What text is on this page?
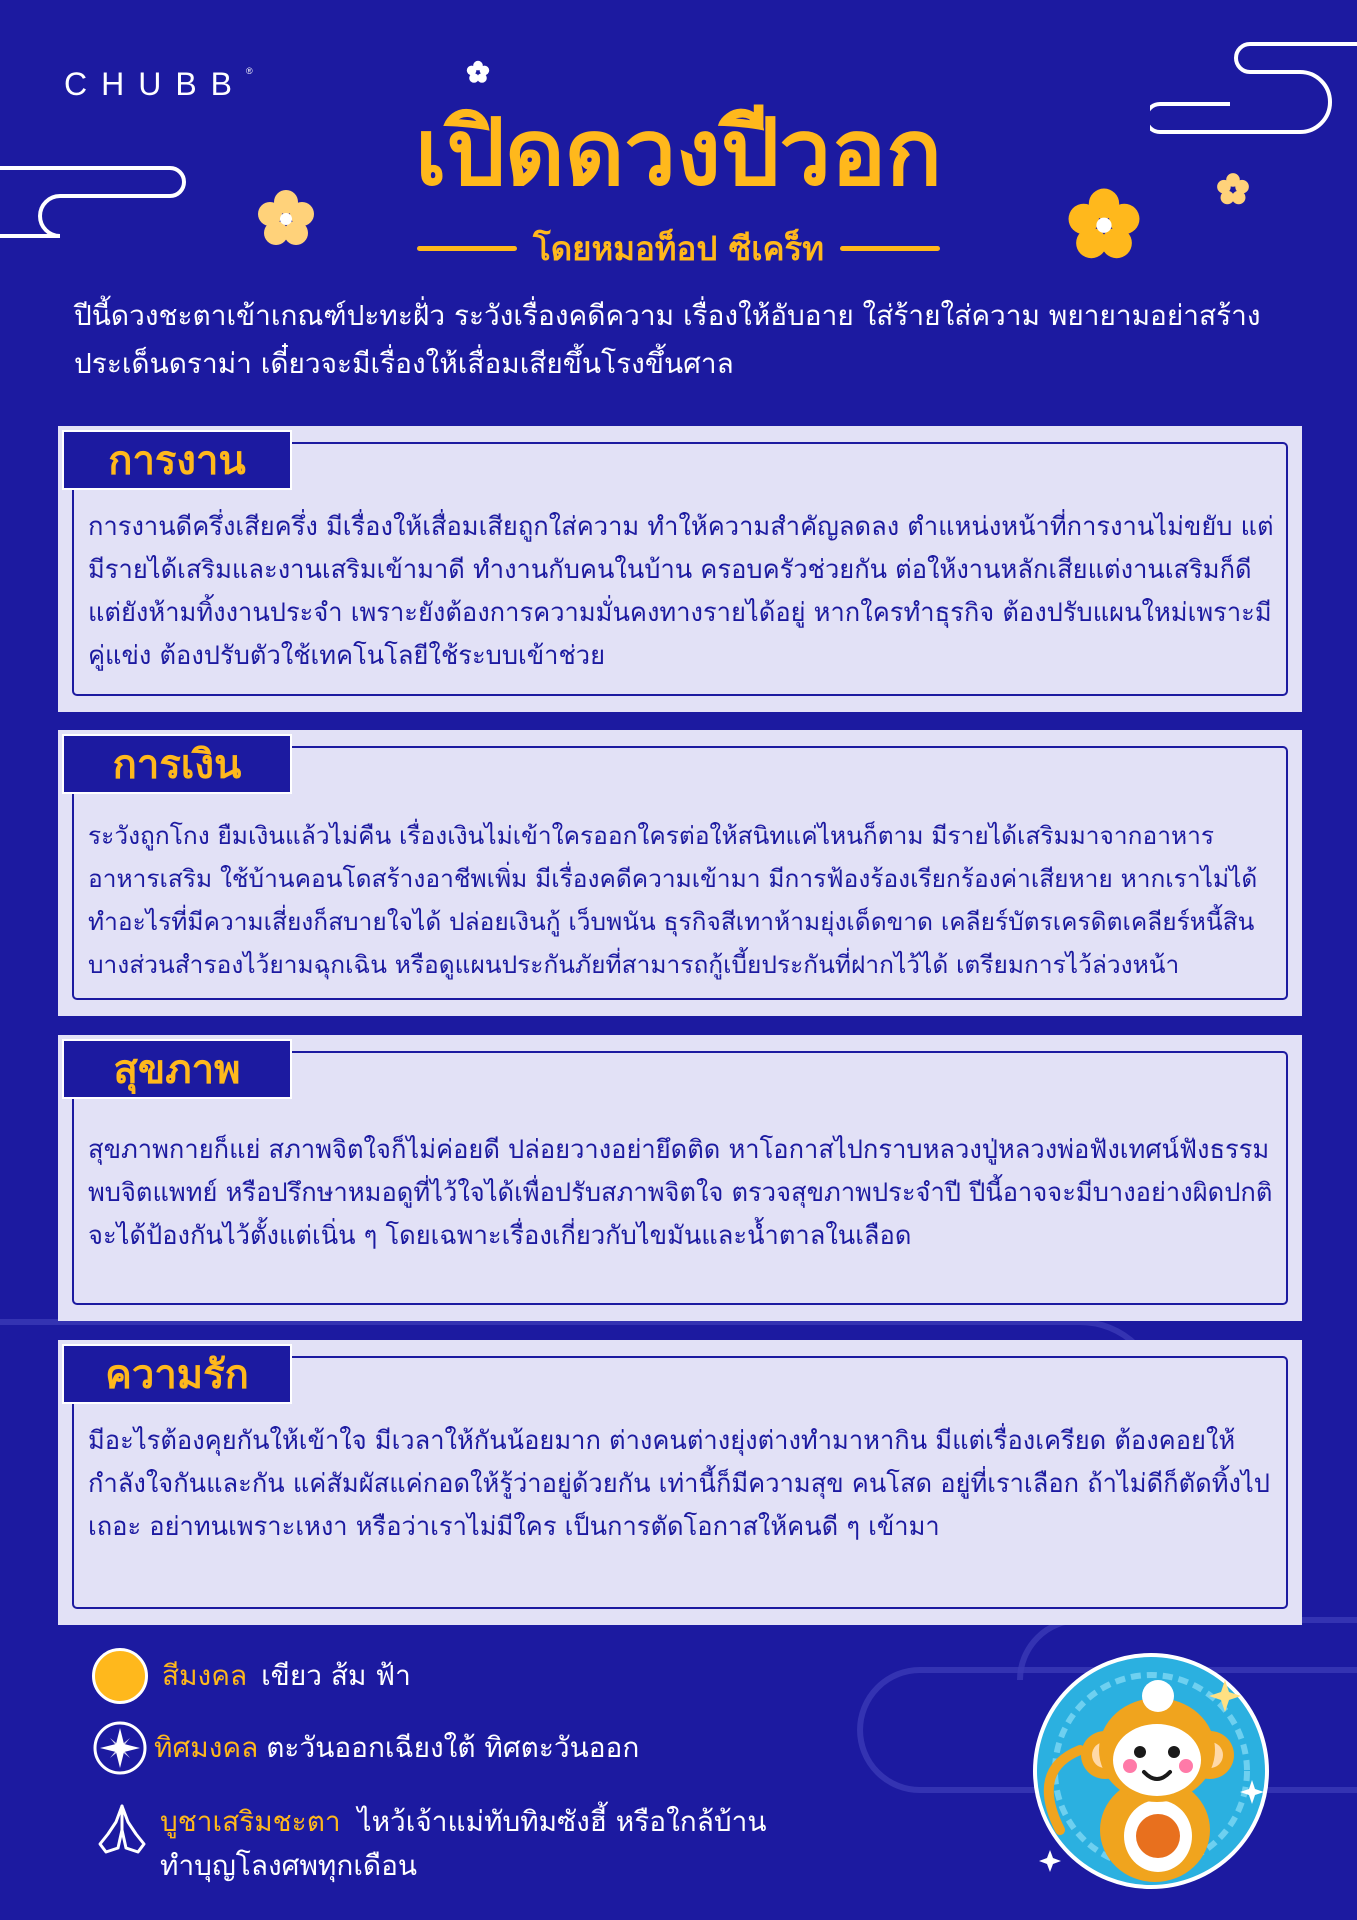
CHUBB®
เปิดดวงปีวอก
โดยหมอท็อป ซีเคร็ท
ปีนี้ดวงชะตาเข้าเกณฑ์ปะทะฝั่ว ระวังเรื่องคดีความ เรื่องให้อับอาย ใส่ร้ายใส่ความ พยายามอย่าสร้างประเด็นดราม่า เดี๋ยวจะมีเรื่องให้เสื่อมเสียขึ้นโรงขึ้นศาล
การงาน
การงานดีครึ่งเสียครึ่ง มีเรื่องให้เสื่อมเสียถูกใส่ความ ทำให้ความสำคัญลดลง ตำแหน่งหน้าที่การงานไม่ขยับ แต่มีรายได้เสริมและงานเสริมเข้ามาดี ทำงานกับคนในบ้าน ครอบครัวช่วยกัน ต่อให้งานหลักเสียแต่งานเสริมก็ดี แต่ยังห้ามทิ้งงานประจำ เพราะยังต้องการความมั่นคงทางรายได้อยู่ หากใครทำธุรกิจ ต้องปรับแผนใหม่เพราะมีคู่แข่ง ต้องปรับตัวใช้เทคโนโลยีใช้ระบบเข้าช่วย
การเงิน
ระวังถูกโกง ยืมเงินแล้วไม่คืน เรื่องเงินไม่เข้าใครออกใครต่อให้สนิทแค่ไหนก็ตาม มีรายได้เสริมมาจากอาหาร อาหารเสริม ใช้บ้านคอนโดสร้างอาชีพเพิ่ม มีเรื่องคดีความเข้ามา มีการฟ้องร้องเรียกร้องค่าเสียหาย หากเราไม่ได้ทำอะไรที่มีความเสี่ยงก็สบายใจได้ ปล่อยเงินกู้ เว็บพนัน ธุรกิจสีเทาห้ามยุ่งเด็ดขาด เคลียร์บัตรเครดิตเคลียร์หนี้สินบางส่วนสำรองไว้ยามฉุกเฉิน หรือดูแผนประกันภัยที่สามารถกู้เบี้ยประกันที่ฝากไว้ได้ เตรียมการไว้ล่วงหน้า
สุขภาพ
สุขภาพกายก็แย่ สภาพจิตใจก็ไม่ค่อยดี ปล่อยวางอย่ายึดติด หาโอกาสไปกราบหลวงปู่หลวงพ่อฟังเทศน์ฟังธรรม พบจิตแพทย์ หรือปรึกษาหมอดูที่ไว้ใจได้เพื่อปรับสภาพจิตใจ ตรวจสุขภาพประจำปี ปีนี้อาจจะมีบางอย่างผิดปกติ จะได้ป้องกันไว้ตั้งแต่เนิ่น ๆ โดยเฉพาะเรื่องเกี่ยวกับไขมันและน้ำตาลในเลือด
ความรัก
มีอะไรต้องคุยกันให้เข้าใจ มีเวลาให้กันน้อยมาก ต่างคนต่างยุ่งต่างทำมาหากิน มีแต่เรื่องเครียด ต้องคอยให้กำลังใจกันและกัน แค่สัมผัสแค่กอดให้รู้ว่าอยู่ด้วยกัน เท่านี้ก็มีความสุข คนโสด อยู่ที่เราเลือก ถ้าไม่ดีก็ตัดทิ้งไปเถอะ อย่าทนเพราะเหงา หรือว่าเราไม่มีใคร เป็นการตัดโอกาสให้คนดี ๆ เข้ามา
สีมงคล เขียว ส้ม ฟ้า
ทิศมงคล ตะวันออกเฉียงใต้ ทิศตะวันออก
บูชาเสริมชะตา ไหว้เจ้าแม่ทับทิมซังฮี้ หรือใกล้บ้าน
ทำบุญโลงศพทุกเดือน
